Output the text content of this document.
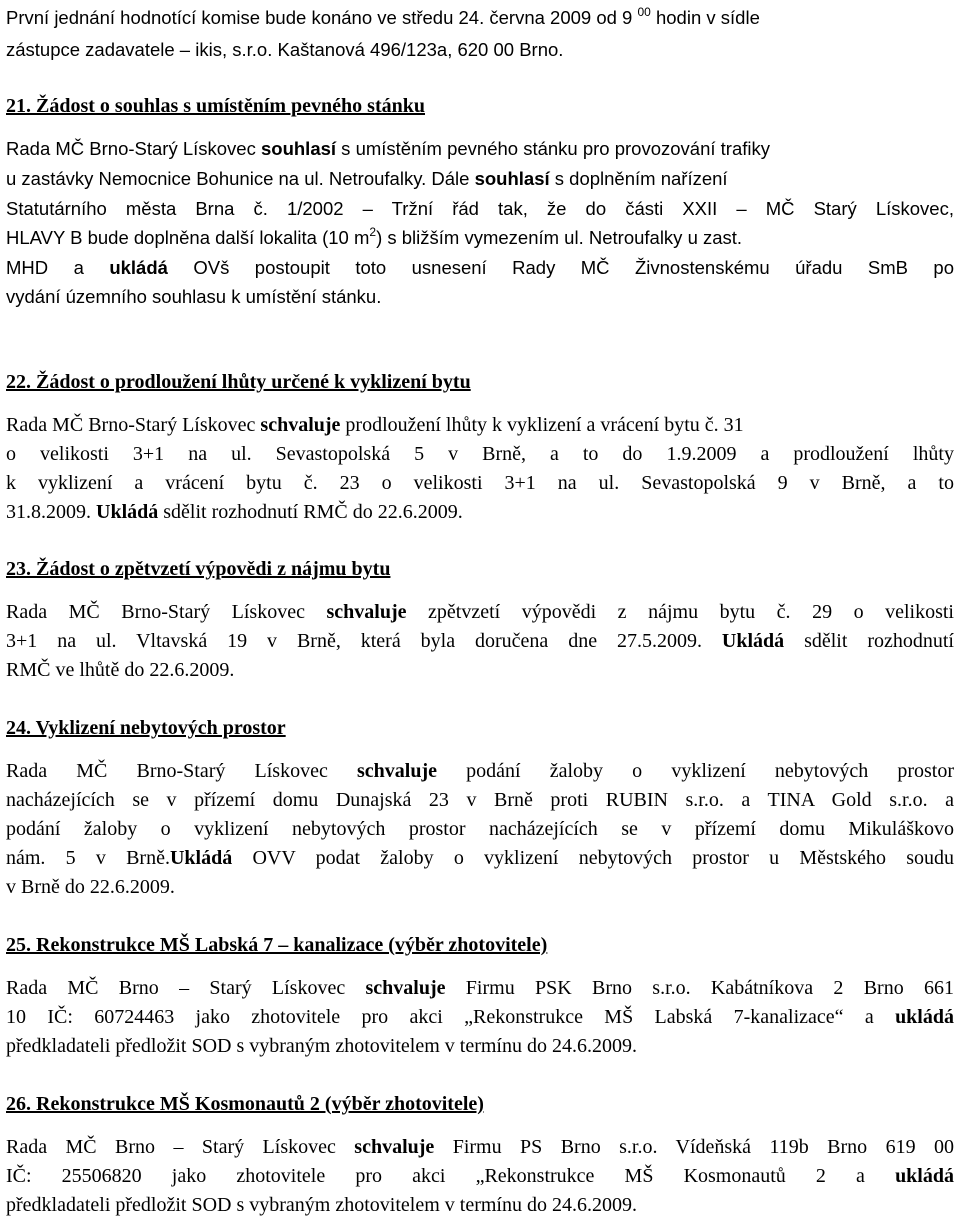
První jednání hodnotící komise bude konáno ve středu 24. června 2009 od 9 $^{00}$ hodin v sídle
zástupce zadavatele – ikis, s.r.o. Kaštanová 496/123a, 620 00 Brno.
21. Žádost o souhlas s umístěním pevného stánku
Rada MČ Brno-Starý Lískovec souhlasí s umístěním pevného stánku pro provozování trafiky
u zastávky Nemocnice Bohunice na ul. Netroufalky. Dále souhlasí s doplněním nařízení
Statutárního města Brna č. 1/2002 – Tržní řád tak, že do části XXII – MČ Starý Lískovec,
HLAVY B bude doplněna další lokalita (10 $m^2$) s bližším vymezením ul. Netroufalky u zast.
MHD a ukládá OVš postoupit toto usnesení Rady MČ Živnostenskému úřadu SmB po
vydání územního souhlasu k umístění stánku.
22. Žádost o prodloužení lhůty určené k vyklizení bytu
Rada MČ Brno-Starý Lískovec schvaluje prodloužení lhůty k vyklizení a vrácení bytu č. 31
o velikosti 3+1 na ul. Sevastopolská 5 v Brně, a to do 1.9.2009 a prodloužení lhůty
k vyklizení a vrácení bytu č. 23 o velikosti 3+1 na ul. Sevastopolská 9 v Brně, a to
31.8.2009. Ukládá sdělit rozhodnutí RMČ do 22.6.2009.
23. Žádost o zpětvzetí výpovědi z nájmu bytu
Rada MČ Brno-Starý Lískovec schvaluje zpětvzetí výpovědi z nájmu bytu č. 29 o velikosti
3+1 na ul. Vltavská 19 v Brně, která byla doručena dne 27.5.2009. Ukládá sdělit rozhodnutí
RMČ ve lhůtě do 22.6.2009.
24. Vyklizení nebytových prostor
Rada MČ Brno-Starý Lískovec schvaluje podání žaloby o vyklizení nebytových prostor
nacházejících se v přízemí domu Dunajská 23 v Brně proti RUBIN s.r.o. a TINA Gold s.r.o. a
podání žaloby o vyklizení nebytových prostor nacházejících se v přízemí domu Mikuláškovo
nám. 5 v Brně.Ukládá OVV podat žaloby o vyklizení nebytových prostor u Městského soudu
v Brně do 22.6.2009.
25. Rekonstrukce MŠ Labská 7 – kanalizace (výběr zhotovitele)
Rada MČ Brno – Starý Lískovec schvaluje Firmu PSK Brno s.r.o. Kabátníkova 2 Brno 661
10 IČ: 60724463 jako zhotovitele pro akci „Rekonstrukce MŠ Labská 7-kanalizace“ a ukládá
předkladateli předložit SOD s vybraným zhotovitelem v termínu do 24.6.2009.
26. Rekonstrukce MŠ Kosmonautů 2 (výběr zhotovitele)
Rada MČ Brno – Starý Lískovec schvaluje Firmu PS Brno s.r.o. Vídeňská 119b Brno 619 00
IČ: 25506820 jako zhotovitele pro akci „Rekonstrukce MŠ Kosmonautů 2 a ukládá
předkladateli předložit SOD s vybraným zhotovitelem v termínu do 24.6.2009.
